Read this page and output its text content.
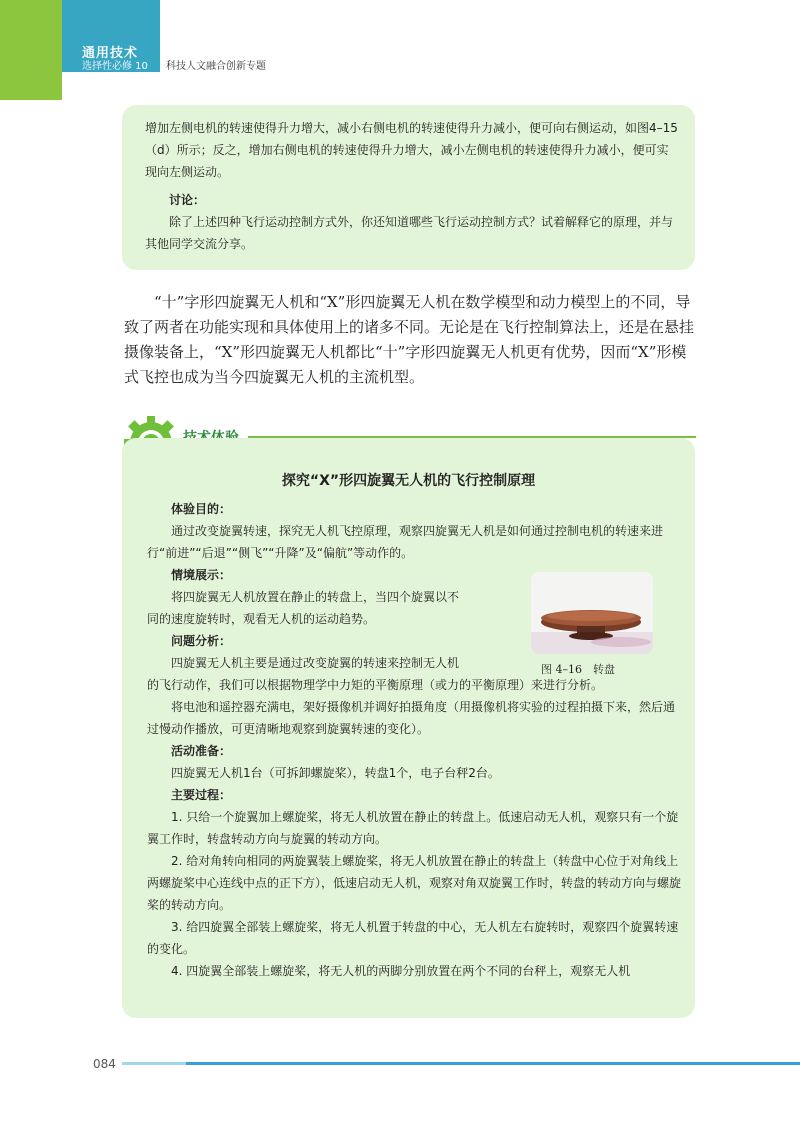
通用技术
选择性必修 10 科技人文融合创新专题

增加左侧电机的转速使得升力增大，减小右侧电机的转速使得升力减小，便可向右侧运动，如图4–15（d）所示；反之，增加右侧电机的转速使得升力增大，减小左侧电机的转速使得升力减小，便可实现向左侧运动。

讨论：

除了上述四种飞行运动控制方式外，你还知道哪些飞行运动控制方式？试着解释它的原理，并与其他同学交流分享。

“十”字形四旋翼无人机和“X”形四旋翼无人机在数学模型和动力模型上的不同，导致了两者在功能实现和具体使用上的诸多不同。无论是在飞行控制算法上，还是在悬挂摄像装备上，“X”形四旋翼无人机都比“十”字形四旋翼无人机更有优势，因而“X”形模式飞控也成为当今四旋翼无人机的主流机型。

探究“X”形四旋翼无人机的飞行控制原理

体验目的：

通过改变旋翼转速，探究无人机飞控原理，观察四旋翼无人机是如何通过控制电机的转速来进行“前进”“后退”“侧飞”“升降”及“偏航”等动作的。

情境展示：

将四旋翼无人机放置在静止的转盘上，当四个旋翼以不

同的速度旋转时，观看无人机的运动趋势。

问题分析：

四旋翼无人机主要是通过改变旋翼的转速来控制无人机

的飞行动作，我们可以根据物理学中力矩的平衡原理（或力的平衡原理）来进行分析。

将电池和遥控器充满电，架好摄像机并调好拍摄角度（用摄像机将实验的过程拍摄下来，然后通过慢动作播放，可更清晰地观察到旋翼转速的变化）。

活动准备：

四旋翼无人机1台（可拆卸螺旋桨），转盘1个，电子台秤2台。

主要过程：

1. 只给一个旋翼加上螺旋桨，将无人机放置在静止的转盘上。低速启动无人机，观察只有一个旋翼工作时，转盘转动方向与旋翼的转动方向。

2. 给对角转向相同的两旋翼装上螺旋桨，将无人机放置在静止的转盘上（转盘中心位于对角线上两螺旋桨中心连线中点的正下方），低速启动无人机，观察对角双旋翼工作时，转盘的转动方向与螺旋桨的转动方向。

3. 给四旋翼全部装上螺旋桨，将无人机置于转盘的中心，无人机左右旋转时，观察四个旋翼转速的变化。

4. 四旋翼全部装上螺旋桨，将无人机的两脚分别放置在两个不同的台秤上，观察无人机

图 4–16　转盘
084
